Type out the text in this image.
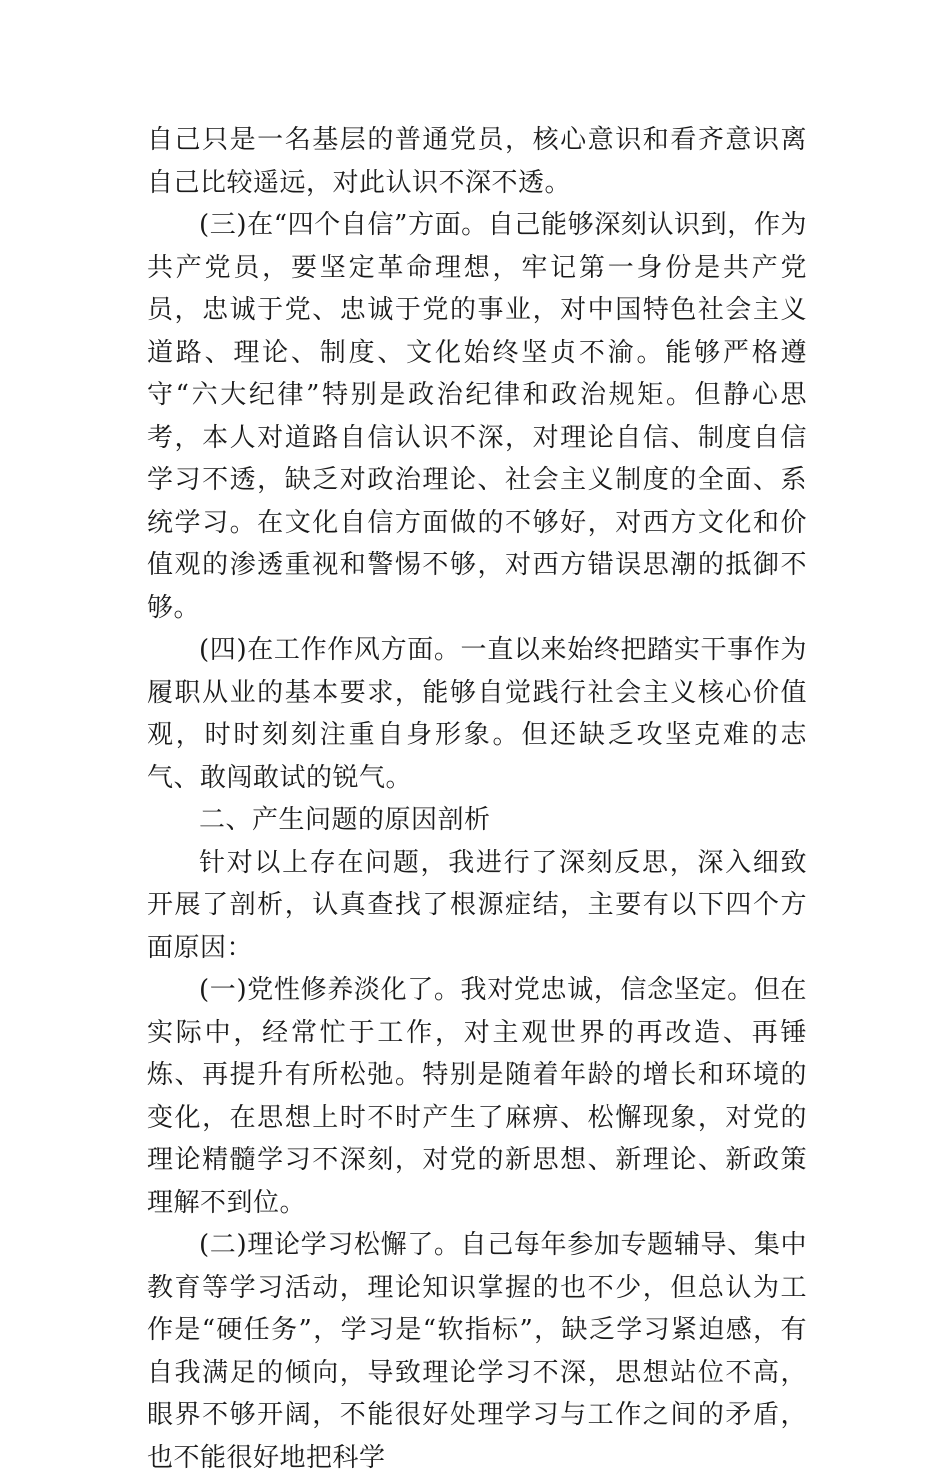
自己只是一名基层的普通党员，核心意识和看齐意识离自己比较遥远，对此认识不深不透。

(三)在“四个自信”方面。自己能够深刻认识到，作为共产党员，要坚定革命理想，牢记第一身份是共产党员，忠诚于党、忠诚于党的事业，对中国特色社会主义道路、理论、制度、文化始终坚贞不渝。能够严格遵守“六大纪律”特别是政治纪律和政治规矩。但静心思考，本人对道路自信认识不深，对理论自信、制度自信学习不透，缺乏对政治理论、社会主义制度的全面、系统学习。在文化自信方面做的不够好，对西方文化和价值观的渗透重视和警惕不够，对西方错误思潮的抵御不够。

(四)在工作作风方面。一直以来始终把踏实干事作为履职从业的基本要求，能够自觉践行社会主义核心价值观，时时刻刻注重自身形象。但还缺乏攻坚克难的志气、敢闯敢试的锐气。

二、产生问题的原因剖析

针对以上存在问题，我进行了深刻反思，深入细致开展了剖析，认真查找了根源症结，主要有以下四个方面原因：

(一)党性修养淡化了。我对党忠诚，信念坚定。但在实际中，经常忙于工作，对主观世界的再改造、再锤炼、再提升有所松弛。特别是随着年龄的增长和环境的变化，在思想上时不时产生了麻痹、松懈现象，对党的理论精髓学习不深刻，对党的新思想、新理论、新政策理解不到位。

(二)理论学习松懈了。自己每年参加专题辅导、集中教育等学习活动，理论知识掌握的也不少，但总认为工作是“硬任务”，学习是“软指标”，缺乏学习紧迫感，有自我满足的倾向，导致理论学习不深，思想站位不高，眼界不够开阔，不能很好处理学习与工作之间的矛盾，也不能很好地把科学
